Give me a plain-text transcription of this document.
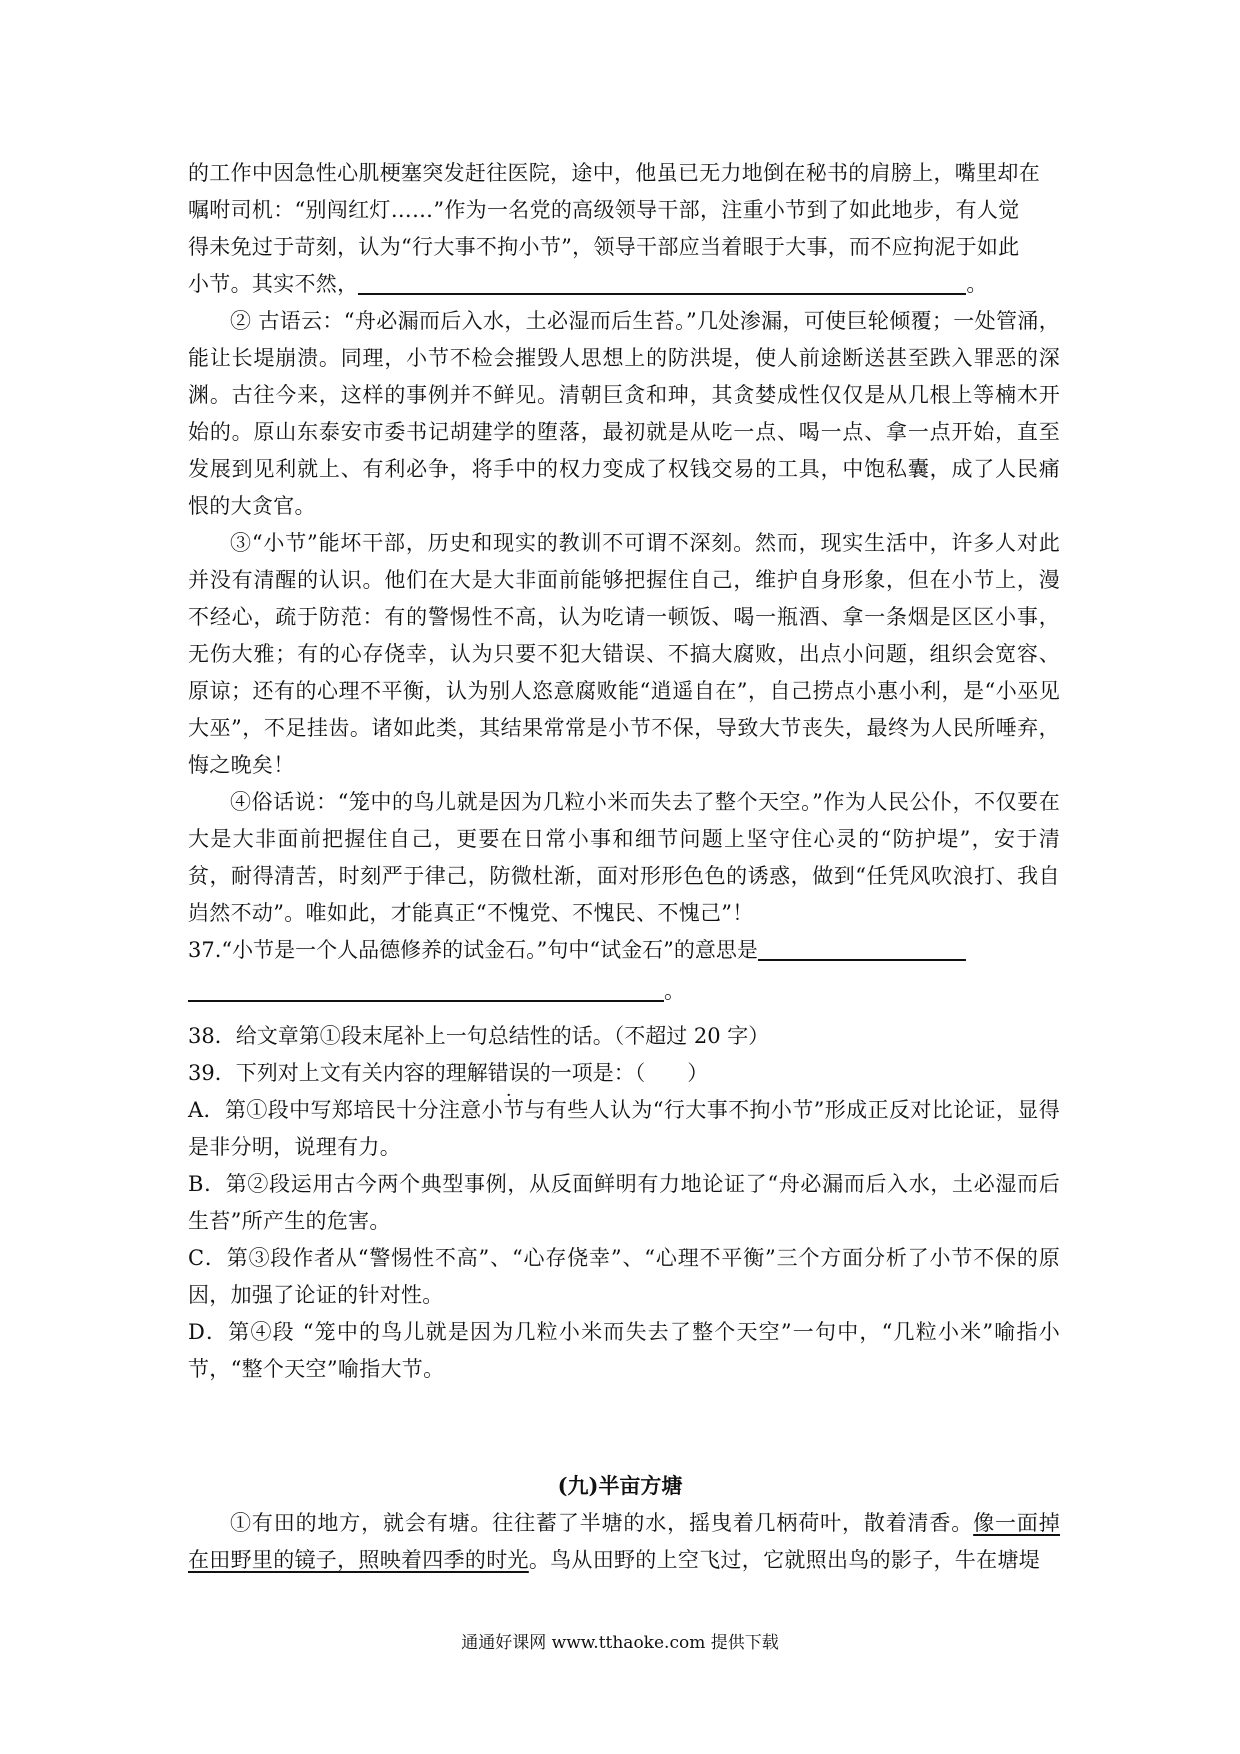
的工作中因急性心肌梗塞突发赶往医院，途中，他虽已无力地倒在秘书的肩膀上，嘴里却在

嘱咐司机：“别闯红灯……”作为一名党的高级领导干部，注重小节到了如此地步，有人觉

得未免过于苛刻，认为“行大事不拘小节”，领导干部应当着眼于大事，而不应拘泥于如此

小节。其实不然，	。

② 古语云：“舟必漏而后入水，土必湿而后生苔。”几处渗漏，可使巨轮倾覆；一处管涌，能让长堤崩溃。同理，小节不检会摧毁人思想上的防洪堤，使人前途断送甚至跌入罪恶的深渊。古往今来，这样的事例并不鲜见。清朝巨贪和珅，其贪婪成性仅仅是从几根上等楠木开始的。原山东泰安市委书记胡建学的堕落，最初就是从吃一点、喝一点、拿一点开始，直至发展到见利就上、有利必争，将手中的权力变成了权钱交易的工具，中饱私囊，成了人民痛恨的大贪官。

③“小节”能坏干部，历史和现实的教训不可谓不深刻。然而，现实生活中，许多人对此并没有清醒的认识。他们在大是大非面前能够把握住自己，维护自身形象，但在小节上，漫不经心，疏于防范：有的警惕性不高，认为吃请一顿饭、喝一瓶酒、拿一条烟是区区小事，无伤大雅；有的心存侥幸，认为只要不犯大错误、不搞大腐败，出点小问题，组织会宽容、原谅；还有的心理不平衡，认为别人恣意腐败能“逍遥自在”，自己捞点小惠小利，是“小巫见大巫”，不足挂齿。诸如此类，其结果常常是小节不保，导致大节丧失，最终为人民所唾弃，悔之晚矣！

④俗话说：“笼中的鸟儿就是因为几粒小米而失去了整个天空。”作为人民公仆，不仅要在大是大非面前把握住自己，更要在日常小事和细节问题上坚守住心灵的“防护堤”，安于清贫，耐得清苦，时刻严于律己，防微杜渐，面对形形色色的诱惑，做到“任凭风吹浪打、我自岿然不动”。唯如此，才能真正“不愧党、不愧民、不愧己”！

37.“小节是一个人品德修养的试金石。”句中“试金石”的意思是

。

38．给文章第①段末尾补上一句总结性的话。（不超过 20 字）

39．下列对上文有关内容的理解错误的一项是：（　　）

A．第①段中写郑培民十分注意小节与有些人认为“行大事不拘小节”形成正反对比论证，显得是非分明，说理有力。

B．第②段运用古今两个典型事例，从反面鲜明有力地论证了“舟必漏而后入水，土必湿而后生苔”所产生的危害。

C．第③段作者从“警惕性不高”、“心存侥幸”、“心理不平衡”三个方面分析了小节不保的原因，加强了论证的针对性。

D．第④段 “笼中的鸟儿就是因为几粒小米而失去了整个天空”一句中，“几粒小米”喻指小节，“整个天空”喻指大节。

(九)半亩方塘

①有田的地方，就会有塘。往往蓄了半塘的水，摇曳着几柄荷叶，散着清香。像一面掉在田野里的镜子，照映着四季的时光。鸟从田野的上空飞过，它就照出鸟的影子，牛在塘堤

通通好课网 www.tthaoke.com 提供下载
